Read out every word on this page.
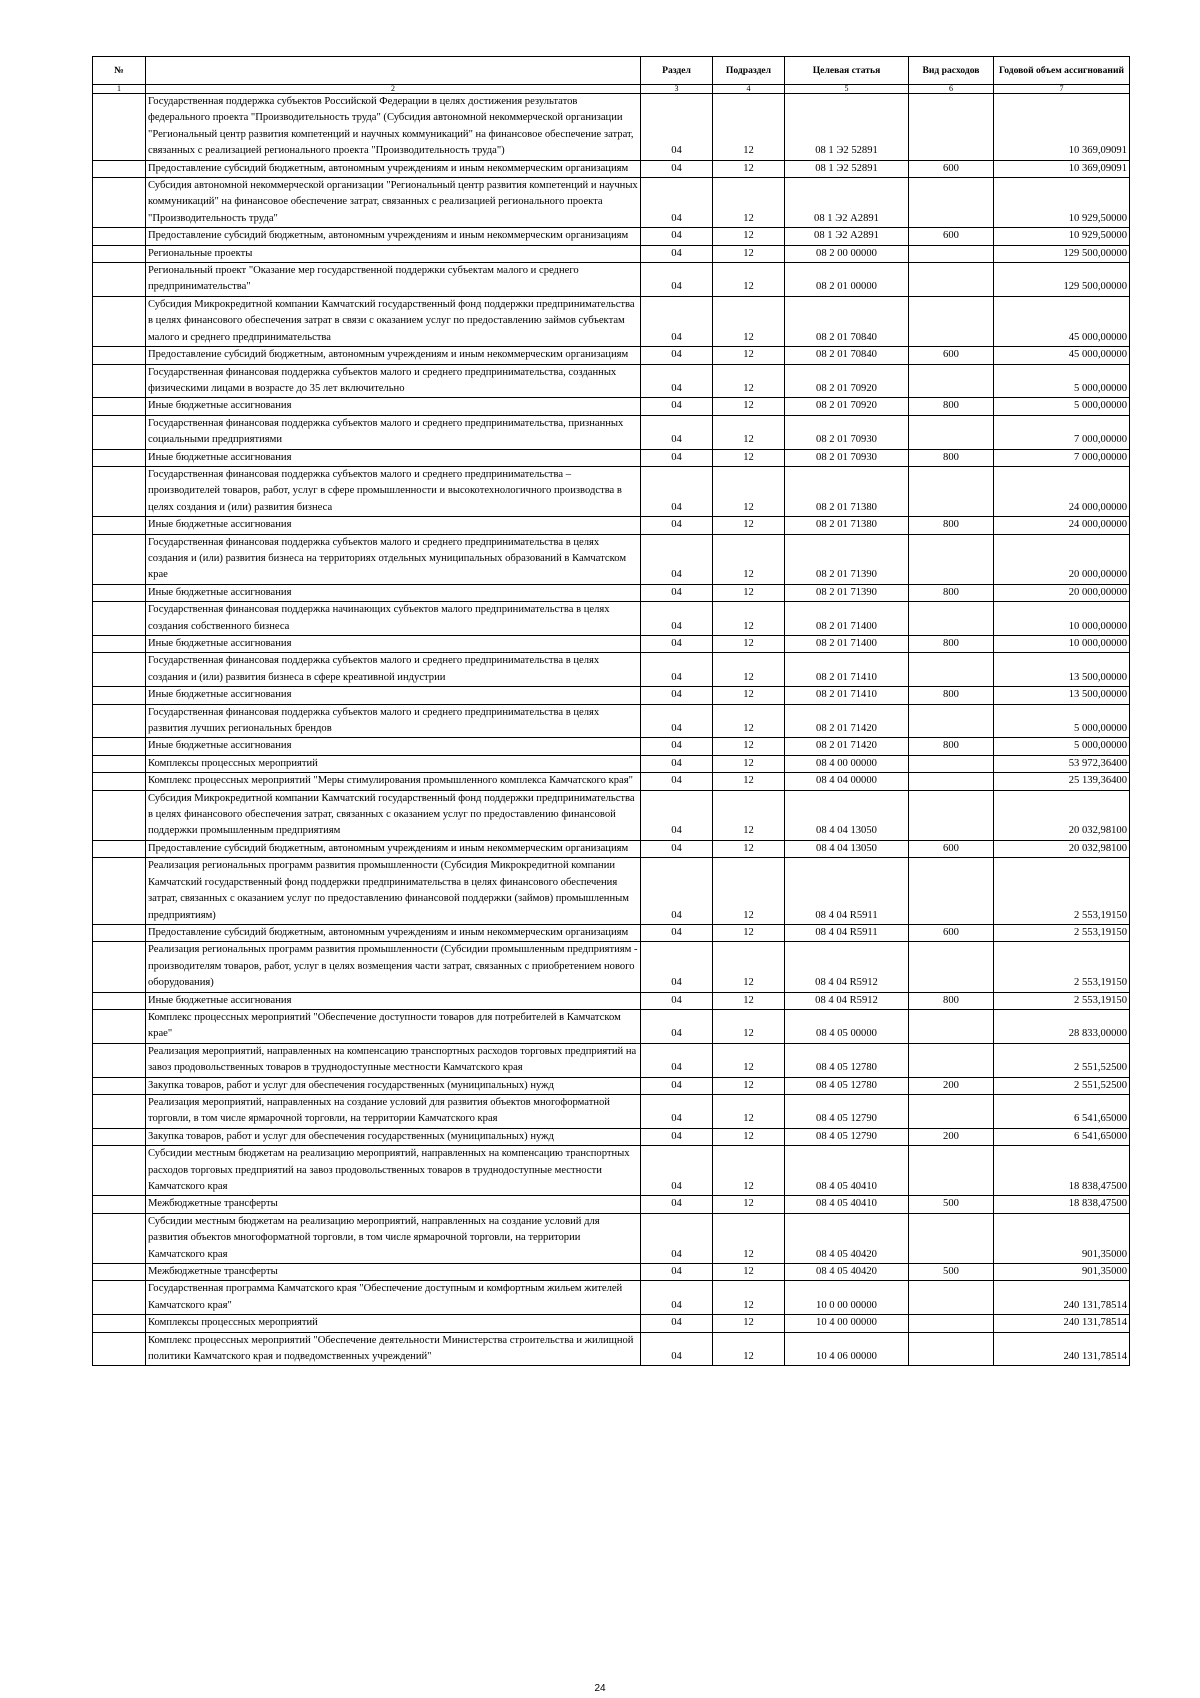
№		Раздел	Подраздел	Целевая статья	Вид расходов	Годовой объем ассигнований
1	2	3	4	5	6	7
	Государственная поддержка субъектов Российской Федерации в целях достижения результатов федерального проекта "Производительность труда" (Субсидия автономной некоммерческой организации "Региональный центр развития компетенций и научных коммуникаций" на финансовое обеспечение затрат, связанных с реализацией регионального проекта "Производительность труда")	04	12	08 1 Э2 52891		10 369,09091
	Предоставление субсидий бюджетным, автономным учреждениям и иным некоммерческим организациям	04	12	08 1 Э2 52891	600	10 369,09091
	Субсидия автономной некоммерческой организации "Региональный центр развития компетенций и научных коммуникаций" на финансовое обеспечение затрат, связанных с реализацией регионального проекта "Производительность труда"	04	12	08 1 Э2 А2891		10 929,50000
	Предоставление субсидий бюджетным, автономным учреждениям и иным некоммерческим организациям	04	12	08 1 Э2 А2891	600	10 929,50000
	Региональные проекты	04	12	08 2 00 00000		129 500,00000
	Региональный проект "Оказание мер государственной поддержки субъектам малого и среднего предпринимательства"	04	12	08 2 01 00000		129 500,00000
	Субсидия Микрокредитной компании Камчатский государственный фонд поддержки предпринимательства в целях финансового обеспечения затрат в связи с оказанием услуг по предоставлению займов субъектам малого и среднего предпринимательства	04	12	08 2 01 70840		45 000,00000
	Предоставление субсидий бюджетным, автономным учреждениям и иным некоммерческим организациям	04	12	08 2 01 70840	600	45 000,00000
	Государственная финансовая поддержка субъектов малого и среднего предпринимательства, созданных физическими лицами в возрасте до 35 лет включительно	04	12	08 2 01 70920		5 000,00000
	Иные бюджетные ассигнования	04	12	08 2 01 70920	800	5 000,00000
	Государственная финансовая поддержка субъектов малого и среднего предпринимательства, признанных социальными предприятиями	04	12	08 2 01 70930		7 000,00000
	Иные бюджетные ассигнования	04	12	08 2 01 70930	800	7 000,00000
	Государственная финансовая поддержка субъектов малого и среднего предпринимательства – производителей товаров, работ, услуг в сфере промышленности и высокотехнологичного производства в целях создания и (или) развития бизнеса	04	12	08 2 01 71380		24 000,00000
	Иные бюджетные ассигнования	04	12	08 2 01 71380	800	24 000,00000
	Государственная финансовая поддержка субъектов малого и среднего предпринимательства в целях создания и (или) развития бизнеса на территориях отдельных муниципальных образований в Камчатском крае	04	12	08 2 01 71390		20 000,00000
	Иные бюджетные ассигнования	04	12	08 2 01 71390	800	20 000,00000
	Государственная финансовая поддержка начинающих субъектов малого предпринимательства в целях создания собственного бизнеса	04	12	08 2 01 71400		10 000,00000
	Иные бюджетные ассигнования	04	12	08 2 01 71400	800	10 000,00000
	Государственная финансовая поддержка субъектов малого и среднего предпринимательства в целях создания и (или) развития бизнеса в сфере креативной индустрии	04	12	08 2 01 71410		13 500,00000
	Иные бюджетные ассигнования	04	12	08 2 01 71410	800	13 500,00000
	Государственная финансовая поддержка субъектов малого и среднего предпринимательства в целях развития лучших региональных брендов	04	12	08 2 01 71420		5 000,00000
	Иные бюджетные ассигнования	04	12	08 2 01 71420	800	5 000,00000
	Комплексы процессных мероприятий	04	12	08 4 00 00000		53 972,36400
	Комплекс процессных мероприятий "Меры стимулирования промышленного комплекса Камчатского края"	04	12	08 4 04 00000		25 139,36400
	Субсидия Микрокредитной компании Камчатский государственный фонд поддержки предпринимательства в целях финансового обеспечения затрат, связанных с оказанием услуг по предоставлению финансовой поддержки промышленным предприятиям	04	12	08 4 04 13050		20 032,98100
	Предоставление субсидий бюджетным, автономным учреждениям и иным некоммерческим организациям	04	12	08 4 04 13050	600	20 032,98100
	Реализация региональных программ развития промышленности (Субсидия Микрокредитной компании Камчатский государственный фонд поддержки предпринимательства в целях финансового обеспечения затрат, связанных с оказанием услуг по предоставлению финансовой поддержки (займов) промышленным предприятиям)	04	12	08 4 04 R5911		2 553,19150
	Предоставление субсидий бюджетным, автономным учреждениям и иным некоммерческим организациям	04	12	08 4 04 R5911	600	2 553,19150
	Реализация региональных программ развития промышленности (Субсидии промышленным предприятиям - производителям товаров, работ, услуг в целях возмещения части затрат, связанных с приобретением нового оборудования)	04	12	08 4 04 R5912		2 553,19150
	Иные бюджетные ассигнования	04	12	08 4 04 R5912	800	2 553,19150
	Комплекс процессных мероприятий "Обеспечение доступности товаров для потребителей в Камчатском крае"	04	12	08 4 05 00000		28 833,00000
	Реализация мероприятий, направленных на компенсацию транспортных расходов торговых предприятий на завоз продовольственных товаров в труднодоступные местности Камчатского края	04	12	08 4 05 12780		2 551,52500
	Закупка товаров, работ и услуг для обеспечения государственных (муниципальных) нужд	04	12	08 4 05 12780	200	2 551,52500
	Реализация мероприятий, направленных на создание условий для развития объектов многоформатной торговли, в том числе ярмарочной торговли, на территории Камчатского края	04	12	08 4 05 12790		6 541,65000
	Закупка товаров, работ и услуг для обеспечения государственных (муниципальных) нужд	04	12	08 4 05 12790	200	6 541,65000
	Субсидии местным бюджетам на реализацию мероприятий, направленных на компенсацию транспортных расходов торговых предприятий на завоз продовольственных товаров в труднодоступные местности Камчатского края	04	12	08 4 05 40410		18 838,47500
	Межбюджетные трансферты	04	12	08 4 05 40410	500	18 838,47500
	Субсидии местным бюджетам на реализацию мероприятий, направленных на создание условий для развития объектов многоформатной торговли, в том числе ярмарочной торговли, на территории Камчатского края	04	12	08 4 05 40420		901,35000
	Межбюджетные трансферты	04	12	08 4 05 40420	500	901,35000
	Государственная программа Камчатского края "Обеспечение доступным и комфортным жильем жителей Камчатского края"	04	12	10 0 00 00000		240 131,78514
	Комплексы процессных мероприятий	04	12	10 4 00 00000		240 131,78514
	Комплекс процессных мероприятий "Обеспечение деятельности Министерства строительства и жилищной политики Камчатского края и подведомственных учреждений"	04	12	10 4 06 00000		240 131,78514
24
